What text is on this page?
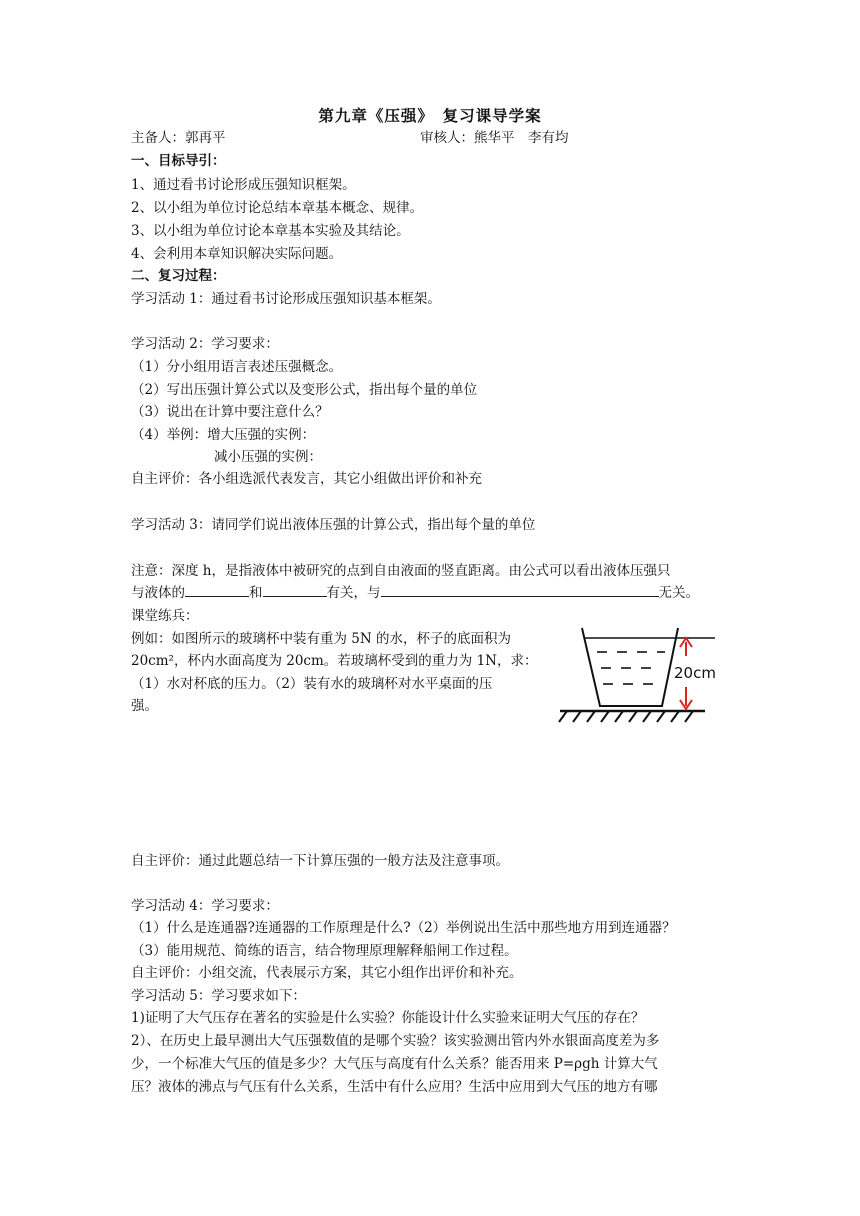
第九章《压强》　复习课导学案
主备人：郭再平	审核人：熊华平　李有均
一、目标导引：
1、通过看书讨论形成压强知识框架。
2、以小组为单位讨论总结本章基本概念、规律。
3、以小组为单位讨论本章基本实验及其结论。
4、会利用本章知识解决实际问题。
二、复习过程：
学习活动 1：通过看书讨论形成压强知识基本框架。
学习活动 2：学习要求：
（1）分小组用语言表述压强概念。
（2）写出压强计算公式以及变形公式，指出每个量的单位
（3）说出在计算中要注意什么？
（4）举例：增大压强的实例：
减小压强的实例：
自主评价：各小组选派代表发言，其它小组做出评价和补充
学习活动 3：请同学们说出液体压强的计算公式，指出每个量的单位
注意：深度 h，是指液体中被研究的点到自由液面的竖直距离。由公式可以看出液体压强只
与液体的	和	有关，与	无关。
课堂练兵：
例如：如图所示的玻璃杯中装有重为 5N 的水，杯子的底面积为
20cm²，杯内水面高度为 20cm。若玻璃杯受到的重力为 1N，求：
（1）水对杯底的压力。（2）装有水的玻璃杯对水平桌面的压
强。
20cm
自主评价：通过此题总结一下计算压强的一般方法及注意事项。
学习活动 4：学习要求：
（1）什么是连通器?连通器的工作原理是什么?（2）举例说出生活中那些地方用到连通器？
（3）能用规范、简练的语言，结合物理原理解释船闸工作过程。
自主评价：小组交流，代表展示方案，其它小组作出评价和补充。
学习活动 5：学习要求如下：
1)证明了大气压存在著名的实验是什么实验？你能设计什么实验来证明大气压的存在？
2）、在历史上最早测出大气压强数值的是哪个实验？该实验测出管内外水银面高度差为多
少，一个标准大气压的值是多少？大气压与高度有什么关系？能否用来 P=ρgh 计算大气
压？液体的沸点与气压有什么关系，生活中有什么应用？生活中应用到大气压的地方有哪
